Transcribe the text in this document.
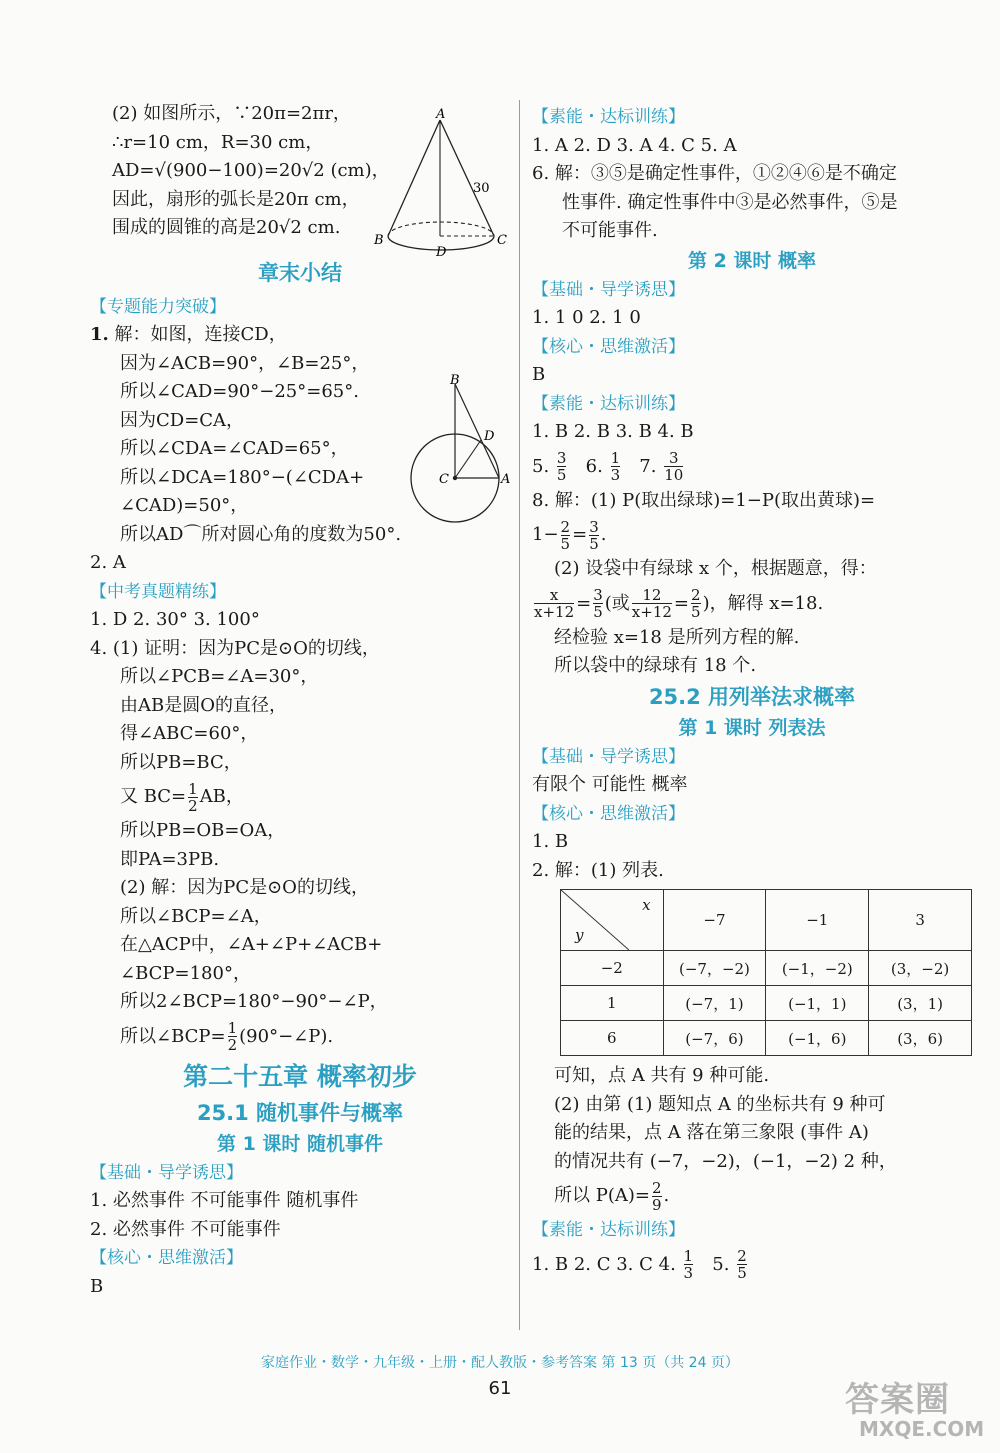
(2) 如图所示，∵20π=2πr，
∴r=10 cm，R=30 cm，
AD=√(900−100)=20√2 (cm)，
因此，扇形的弧长是20π cm，
围成的圆锥的高是20√2 cm.
章末小结
【专题能力突破】
1. 解：如图，连接CD，
因为∠ACB=90°，∠B=25°，
所以∠CAD=90°−25°=65°.
因为CD=CA，
所以∠CDA=∠CAD=65°，
所以∠DCA=180°−(∠CDA+
∠CAD)=50°，
所以AD⌒所对圆心角的度数为50°.
2. A
【中考真题精练】
1. D 2. 30° 3. 100°
4. (1) 证明：因为PC是⊙O的切线，
所以∠PCB=∠A=30°，
由AB是圆O的直径，
得∠ABC=60°，
所以PB=BC，
又 $BC= \frac{1}{2}$ AB，
所以PB=OB=OA，
即PA=3PB.
(2) 解：因为PC是⊙O的切线，
所以∠BCP=∠A，
在△ACP中，∠A+∠P+∠ACB+
∠BCP=180°，
所以2∠BCP=180°−90°−∠P，
所以∠BCP= $\frac{1}{2}$ (90°−∠P).
第二十五章 概率初步
25.1 随机事件与概率
第 1 课时 随机事件
【基础・导学诱思】
1. 必然事件 不可能事件 随机事件
2. 必然事件 不可能事件
【核心・思维激活】
B
A
B	C
D
30
B
D
A
C
【素能・达标训练】
1. A 2. D 3. A 4. C 5. A
6. 解：③⑤是确定性事件，①②④⑥是不确定
性事件. 确定性事件中③是必然事件，⑤是
不可能事件.
第 2 课时 概率
【基础・导学诱思】
1. 1 0 2. 1 0
【核心・思维激活】
B
【素能・达标训练】
1. B 2. B 3. B 4. B
5. $\frac{3}{5} 6$. $\frac{1}{3} 7$. $\frac{3}{10}$
8. 解：(1) P(取出绿球)=1−P(取出黄球)=
$1- \frac{2}{5} = \frac{3}{5}$ .
(2) 设袋中有绿球 x 个，根据题意，得：
$\frac{x}{x+12} = \frac{3}{5}$ (或 $\frac{12}{x+12} = \frac{2}{5}$ )，解得 x=18.
经检验 x=18 是所列方程的解.
所以袋中的绿球有 18 个.
25.2 用列举法求概率
第 1 课时 列表法
【基础・导学诱思】
有限个 可能性 概率
【核心・思维激活】
1. B
2. 解：(1) 列表.
x
y	−7	−1	3
−2	(−7，−2)	(−1，−2)	(3，−2)
1	(−7，1)	(−1，1)	(3，1)
6	(−7，6)	(−1，6)	(3，6)
可知，点 A 共有 9 种可能.
(2) 由第 (1) 题知点 A 的坐标共有 9 种可
能的结果，点 A 落在第三象限 (事件 A)
的情况共有 (−7，−2)，(−1，−2) 2 种，
所以 $P(A)= \frac{2}{9}$ .
【素能・达标训练】
1. B 2. C 3. C 4. $\frac{1}{3} 5$. $\frac{2}{5}$
家庭作业・数学・九年级・上册・配人教版・参考答案 第 13 页（共 24 页）
61	答案圈
MXQE.COM
